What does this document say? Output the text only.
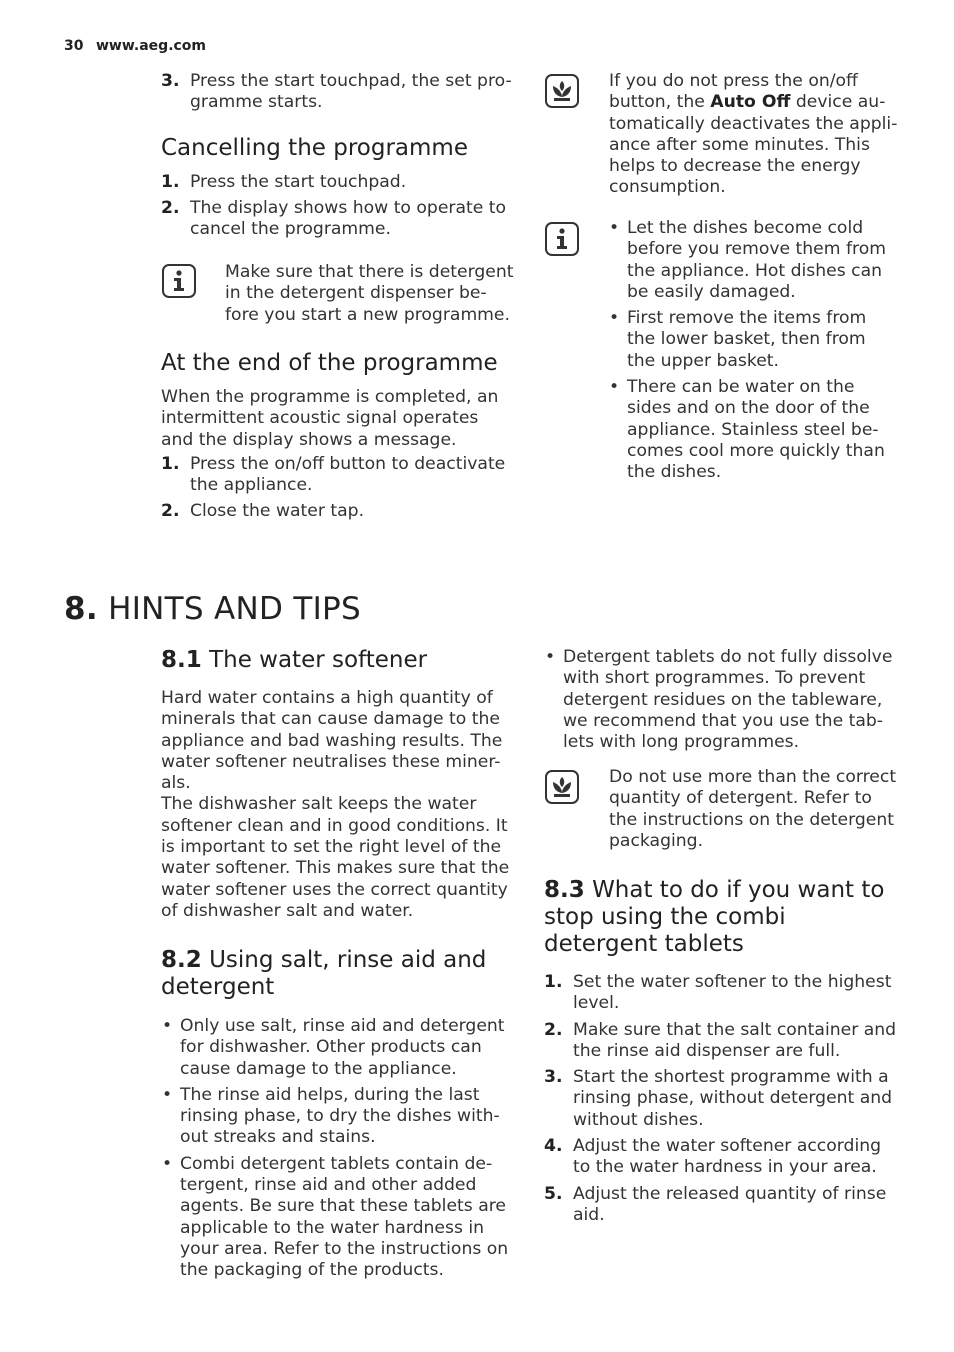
30 www.aeg.com
3. Press the start touchpad, the set pro-gramme starts.
Cancelling the programme
1. Press the start touchpad.
2. The display shows how to operate to cancel the programme.
Make sure that there is detergent in the detergent dispenser be-fore you start a new programme.
At the end of the programme

When the programme is completed, an intermittent acoustic signal operates and the display shows a message.

1. Press the on/off button to deactivate the appliance.
2. Close the water tap.
If you do not press the on/off button, the Auto Off device au-tomatically deactivates the appli-ance after some minutes. This helps to decrease the energy consumption.
• Let the dishes become cold before you remove them from the appliance. Hot dishes can be easily damaged.
• First remove the items from the lower basket, then from the upper basket.
• There can be water on the sides and on the door of the appliance. Stainless steel be-comes cool more quickly than the dishes.
8. HINTS AND TIPS
8.1 The water softener

Hard water contains a high quantity of minerals that can cause damage to the appliance and bad washing results. The water softener neutralises these miner-als.

The dishwasher salt keeps the water softener clean and in good conditions. It is important to set the right level of the water softener. This makes sure that the water softener uses the correct quantity of dishwasher salt and water.

8.2 Using salt, rinse aid and detergent
• Only use salt, rinse aid and detergent for dishwasher. Other products can cause damage to the appliance.
• The rinse aid helps, during the last rinsing phase, to dry the dishes with-out streaks and stains.
• Combi detergent tablets contain de-tergent, rinse aid and other added agents. Be sure that these tablets are applicable to the water hardness in your area. Refer to the instructions on the packaging of the products.
• Detergent tablets do not fully dissolve with short programmes. To prevent detergent residues on the tableware, we recommend that you use the tab-lets with long programmes.
Do not use more than the correct quantity of detergent. Refer to the instructions on the detergent packaging.
8.3 What to do if you want to stop using the combi detergent tablets
1. Set the water softener to the highest level.
2. Make sure that the salt container and the rinse aid dispenser are full.
3. Start the shortest programme with a rinsing phase, without detergent and without dishes.
4. Adjust the water softener according to the water hardness in your area.
5. Adjust the released quantity of rinse aid.
